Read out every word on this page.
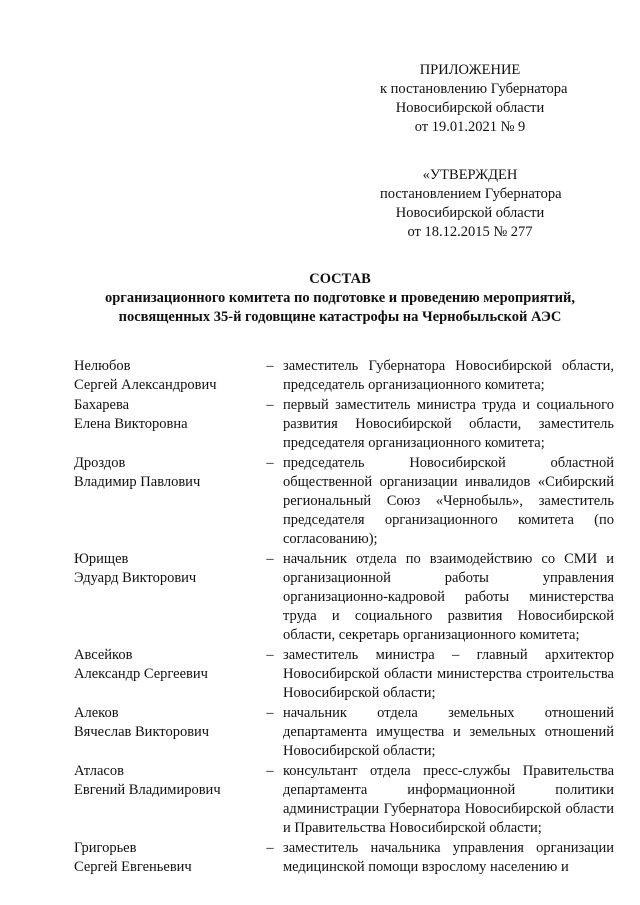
ПРИЛОЖЕНИЕ
к постановлению Губернатора
Новосибирской области
от 19.01.2021 № 9
«УТВЕРЖДЕН
постановлением Губернатора
Новосибирской области
от 18.12.2015 № 277
СОСТАВ
организационного комитета по подготовке и проведению мероприятий,
посвященных 35-й годовщине катастрофы на Чернобыльской АЭС
Нелюбов
Сергей Александрович
– заместитель Губернатора Новосибирской области, председатель организационного комитета;
Бахарева
Елена Викторовна
– первый заместитель министра труда и социального развития Новосибирской области, заместитель председателя организационного комитета;
Дроздов
Владимир Павлович
– председатель Новосибирской областной общественной организации инвалидов «Сибирский региональный Союз «Чернобыль», заместитель председателя организационного комитета (по согласованию);
Юрищев
Эдуард Викторович
– начальник отдела по взаимодействию со СМИ и организационной работы управления организационно-кадровой работы министерства труда и социального развития Новосибирской области, секретарь организационного комитета;
Авсейков
Александр Сергеевич
– заместитель министра – главный архитектор Новосибирской области министерства строительства Новосибирской области;
Алеков
Вячеслав Викторович
– начальник отдела земельных отношений департамента имущества и земельных отношений Новосибирской области;
Атласов
Евгений Владимирович
– консультант отдела пресс-службы Правительства департамента информационной политики администрации Губернатора Новосибирской области и Правительства Новосибирской области;
Григорьев
Сергей Евгеньевич
– заместитель начальника управления организации медицинской помощи взрослому населению и
